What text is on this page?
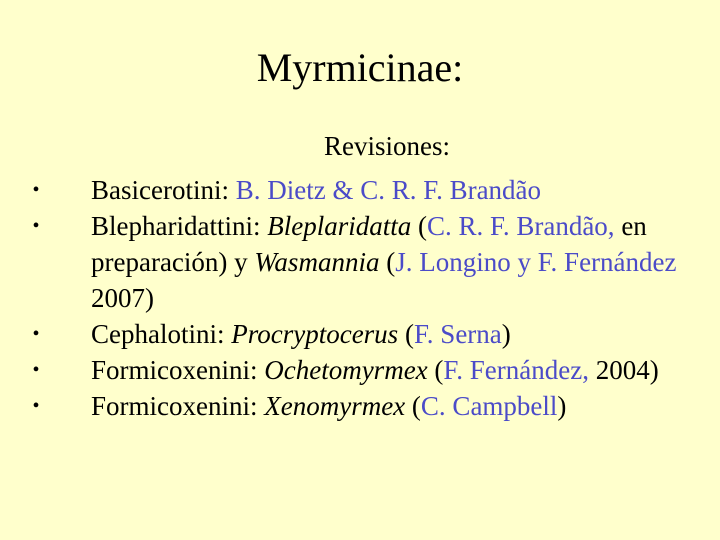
Myrmicinae:
Revisiones:
• Basicerotini: B. Dietz & C. R. F. Brandão
• Blepharidattini: Bleplaridatta (C. R. F. Brandão, en preparación) y Wasmannia (J. Longino y F. Fernández 2007)
• Cephalotini: Procryptocerus (F. Serna)
• Formicoxenini: Ochetomyrmex (F. Fernández, 2004)
• Formicoxenini: Xenomyrmex (C. Campbell)
